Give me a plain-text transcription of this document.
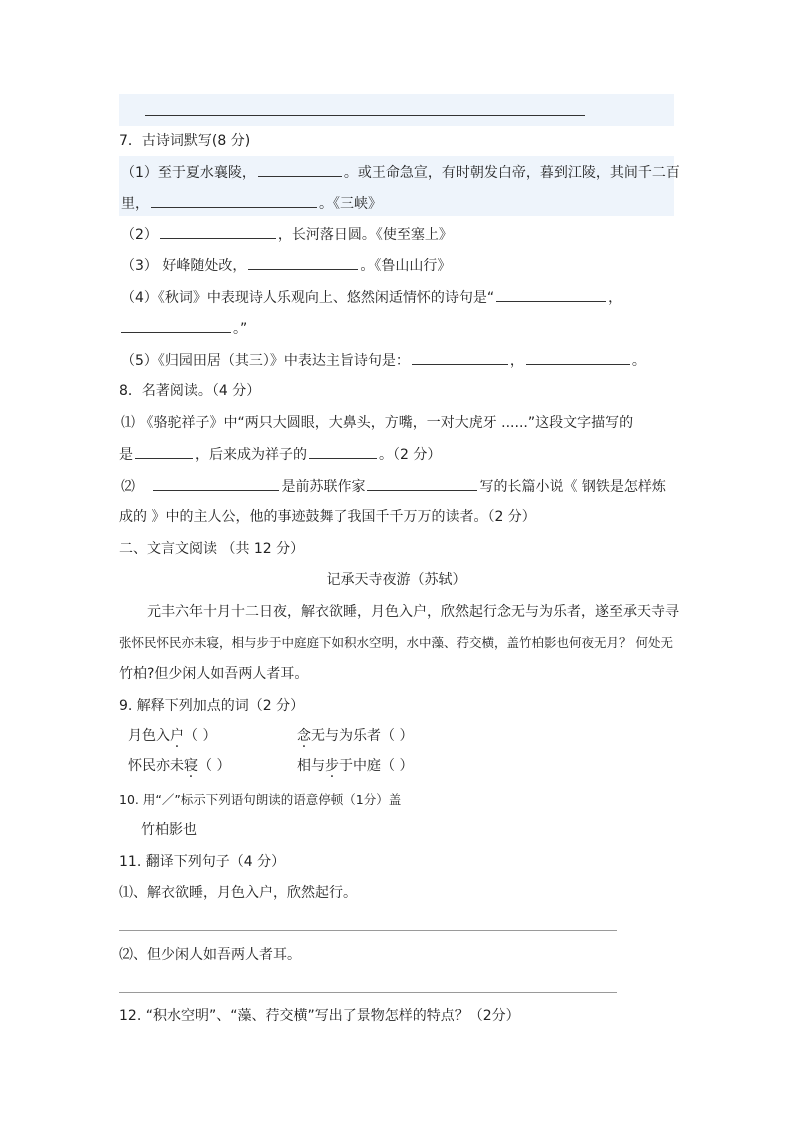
7．古诗词默写(8 分)
（1）至于夏水襄陵，	。或王命急宣，有时朝发白帝，暮到江陵，其间千二百
里，	。《三峡》
（2）	，长河落日圆。《使至塞上》
（3） 好峰随处改，	。《鲁山山行》
（4）《秋词》中表现诗人乐观向上、悠然闲适情怀的诗句是“	，
。”
（5）《归园田居（其三）》中表达主旨诗句是：	，	。
8．名著阅读。（4 分）
⑴ 《骆驼祥子》中“两只大圆眼，大鼻头，方嘴，一对大虎牙 ......”这段文字描写的
是	，后来成为祥子的	。（2 分）
⑵	是前苏联作家	写的长篇小说《 钢铁是怎样炼
成的 》中的主人公，他的事迹鼓舞了我国千千万万的读者。（2 分）
二、文言文阅读 （共 12 分）
记承天寺夜游（苏轼）
元丰六年十月十二日夜，解衣欲睡，月色入户，欣然起行念无与为乐者，遂至承天寺寻
张怀民怀民亦未寝，相与步于中庭庭下如积水空明，水中藻、荇交横，盖竹柏影也何夜无月？ 何处无
竹柏?但少闲人如吾两人者耳。
9. 解释下列加点的词（2 分）
月色入户（ ）	念无与为乐者（ ）
怀民亦未寝（ ）	相与步于中庭（ ）
10. 用“／”标示下列语句朗读的语意停顿（1分）盖
竹柏影也
11. 翻译下列句子（4 分）
⑴、解衣欲睡，月色入户，欣然起行。
⑵、但少闲人如吾两人者耳。
12. “积水空明”、“藻、荇交横”写出了景物怎样的特点？（2分）
